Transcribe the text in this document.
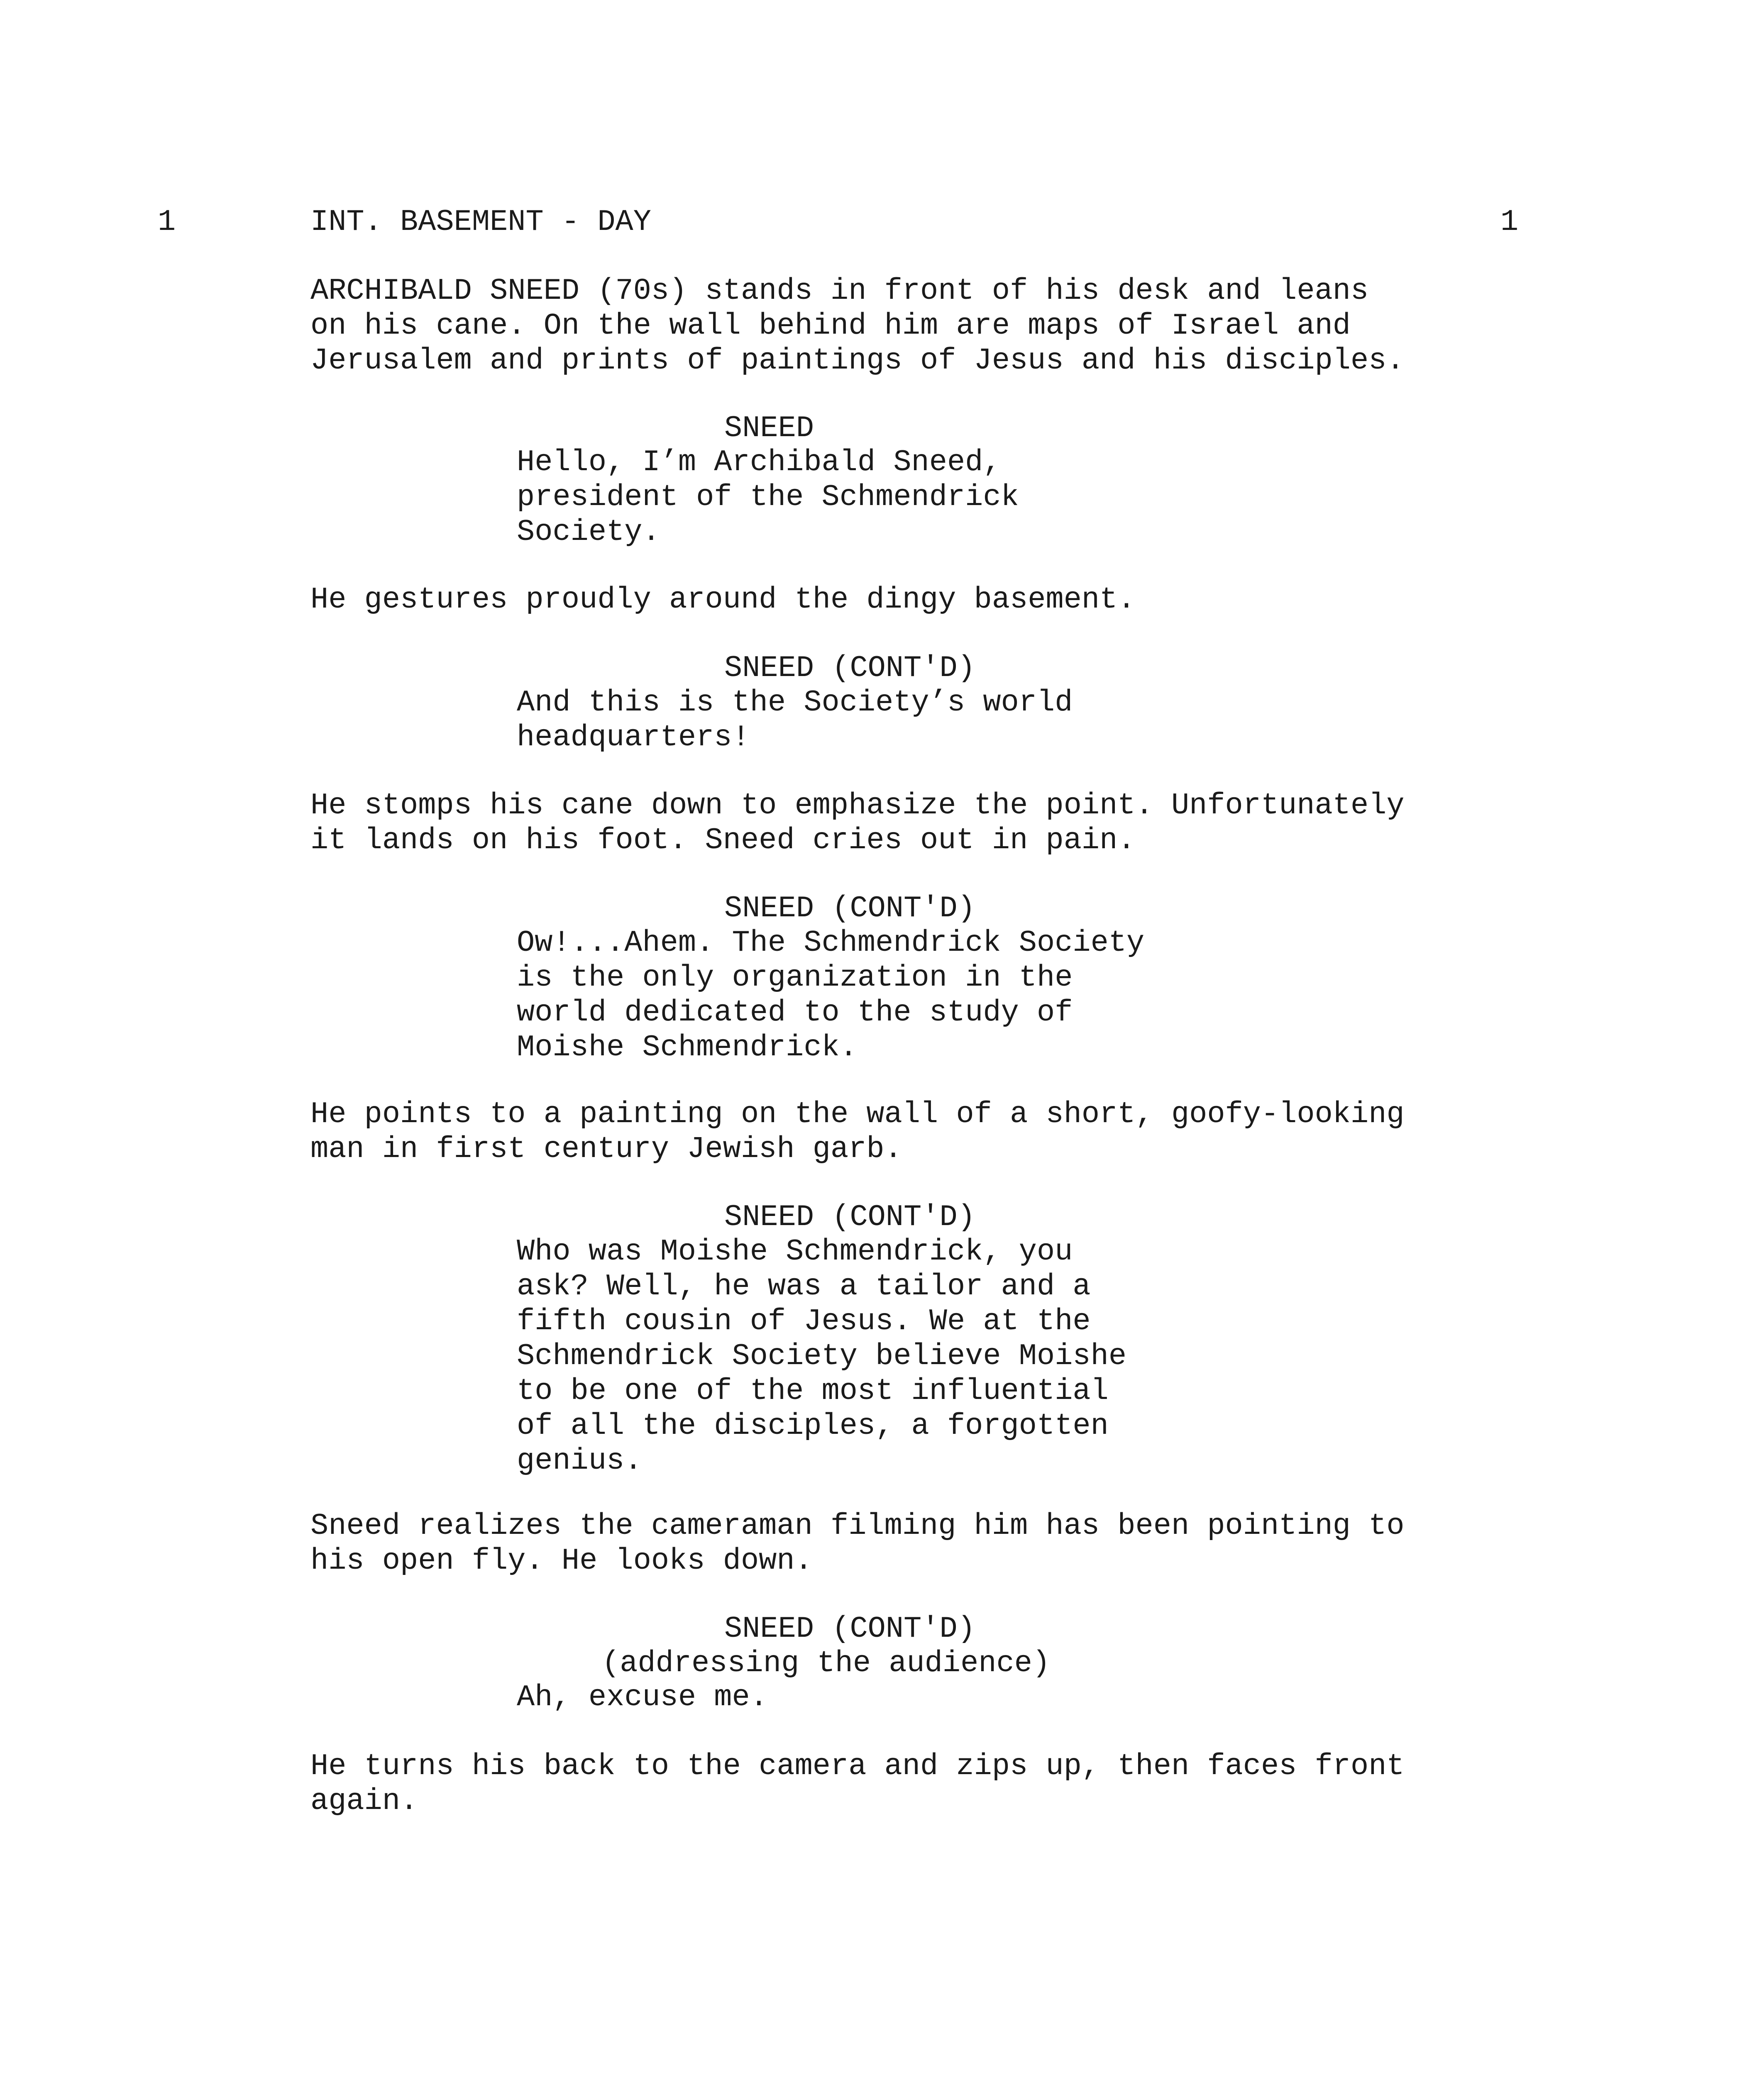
1	INT. BASEMENT - DAY	1
ARCHIBALD SNEED (70s) stands in front of his desk and leans
on his cane. On the wall behind him are maps of Israel and
Jerusalem and prints of paintings of Jesus and his disciples.
SNEED
Hello, I’m Archibald Sneed,
president of the Schmendrick
Society.
He gestures proudly around the dingy basement.
SNEED (CONT'D)
And this is the Society’s world
headquarters!
He stomps his cane down to emphasize the point. Unfortunately
it lands on his foot. Sneed cries out in pain.
SNEED (CONT'D)
Ow!...Ahem. The Schmendrick Society
is the only organization in the
world dedicated to the study of
Moishe Schmendrick.
He points to a painting on the wall of a short, goofy-looking
man in first century Jewish garb.
SNEED (CONT'D)
Who was Moishe Schmendrick, you
ask? Well, he was a tailor and a
fifth cousin of Jesus. We at the
Schmendrick Society believe Moishe
to be one of the most influential
of all the disciples, a forgotten
genius.
Sneed realizes the cameraman filming him has been pointing to
his open fly. He looks down.
SNEED (CONT'D)
(addressing the audience)
Ah, excuse me.
He turns his back to the camera and zips up, then faces front
again.
